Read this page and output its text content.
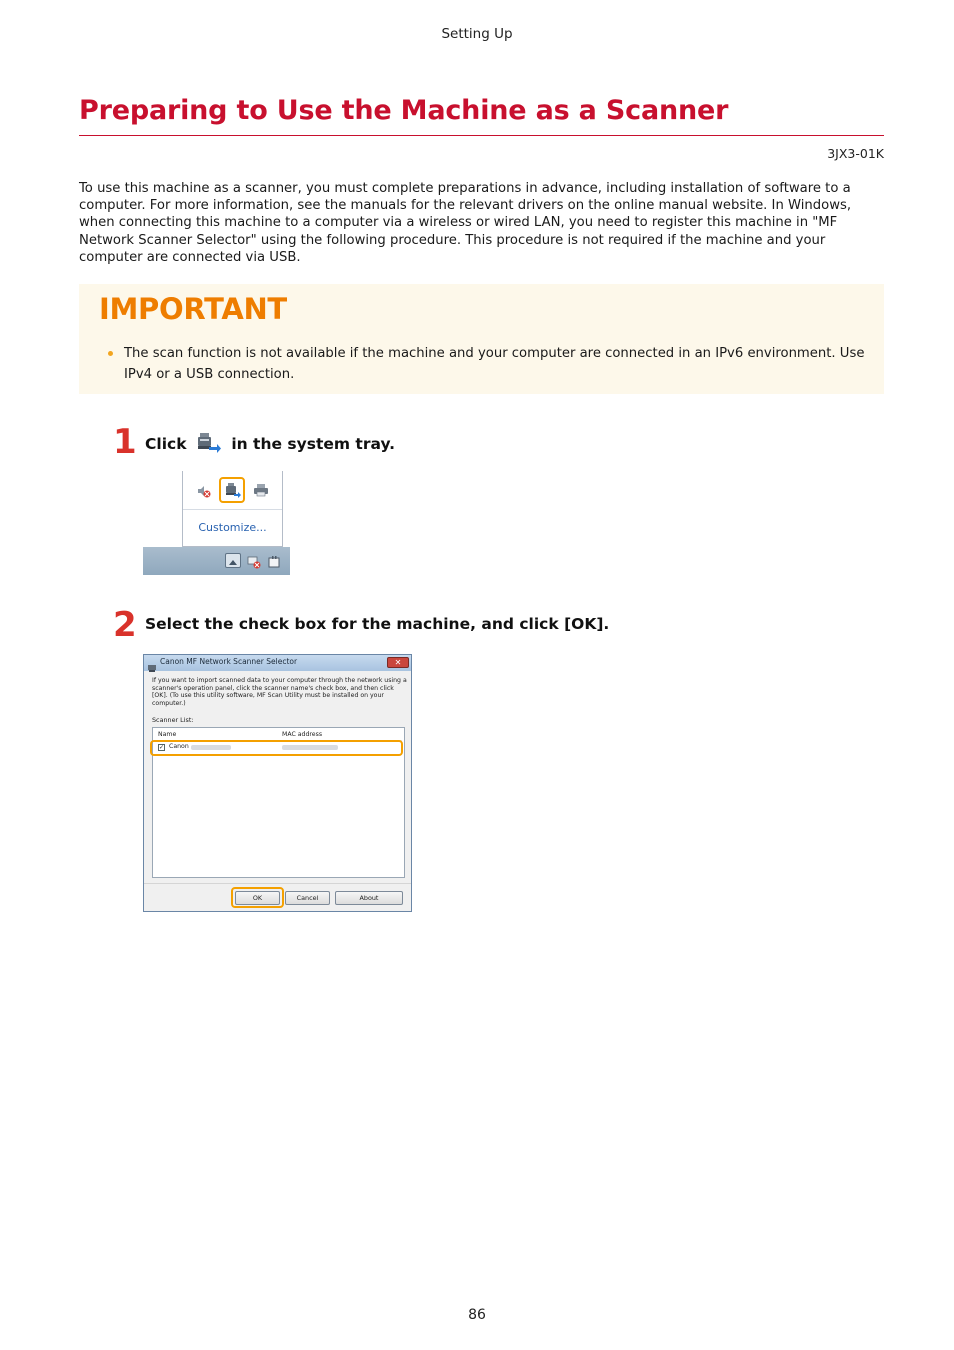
Setting Up
Preparing to Use the Machine as a Scanner
3JX3-01K
To use this machine as a scanner, you must complete preparations in advance, including installation of software to a computer. For more information, see the manuals for the relevant drivers on the online manual website. In Windows, when connecting this machine to a computer via a wireless or wired LAN, you need to register this machine in "MF Network Scanner Selector" using the following procedure. This procedure is not required if the machine and your computer are connected via USB.
IMPORTANT
The scan function is not available if the machine and your computer are connected in an IPv6 environment. Use IPv4 or a USB connection.
1 Click	in the system tray.
Customize...
2 Select the check box for the machine, and click [OK].
Canon MF Network Scanner Selector	✕
If you want to import scanned data to your computer through the network using a scanner's operation panel, click the scanner name's check box, and then click [OK]. (To use this utility software, MF Scan Utility must be installed on your computer.)
Scanner List:
Name	MAC address
✓ Canon
OK	Cancel	About
86
